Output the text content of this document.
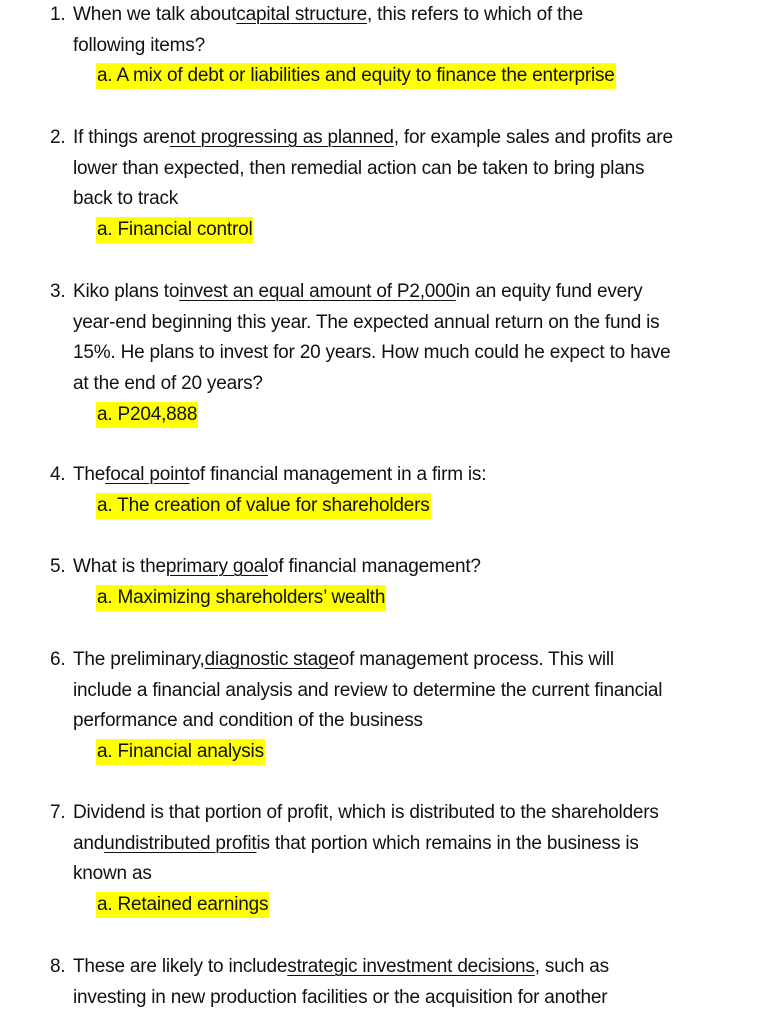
1. When we talk about capital structure , this refers to which of the
following items?
a. A mix of debt or liabilities and equity to finance the enterprise
2. If things are not progressing as planned , for example sales and profits are
lower than expected, then remedial action can be taken to bring plans
back to track
a. Financial control
3. Kiko plans to invest an equal amount of P2,000 in an equity fund every
year-end beginning this year. The expected annual return on the fund is
15%. He plans to invest for 20 years. How much could he expect to have
at the end of 20 years?
a. P204,888
4. The focal point of financial management in a firm is:
a. The creation of value for shareholders
5. What is the primary goal of financial management?
a. Maximizing shareholders’ wealth
6. The preliminary, diagnostic stage of management process. This will
include a financial analysis and review to determine the current financial
performance and condition of the business
a. Financial analysis
7. Dividend is that portion of profit, which is distributed to the shareholders
and undistributed profit is that portion which remains in the business is
known as
a. Retained earnings
8. These are likely to include strategic investment decisions , such as
investing in new production facilities or the acquisition for another
